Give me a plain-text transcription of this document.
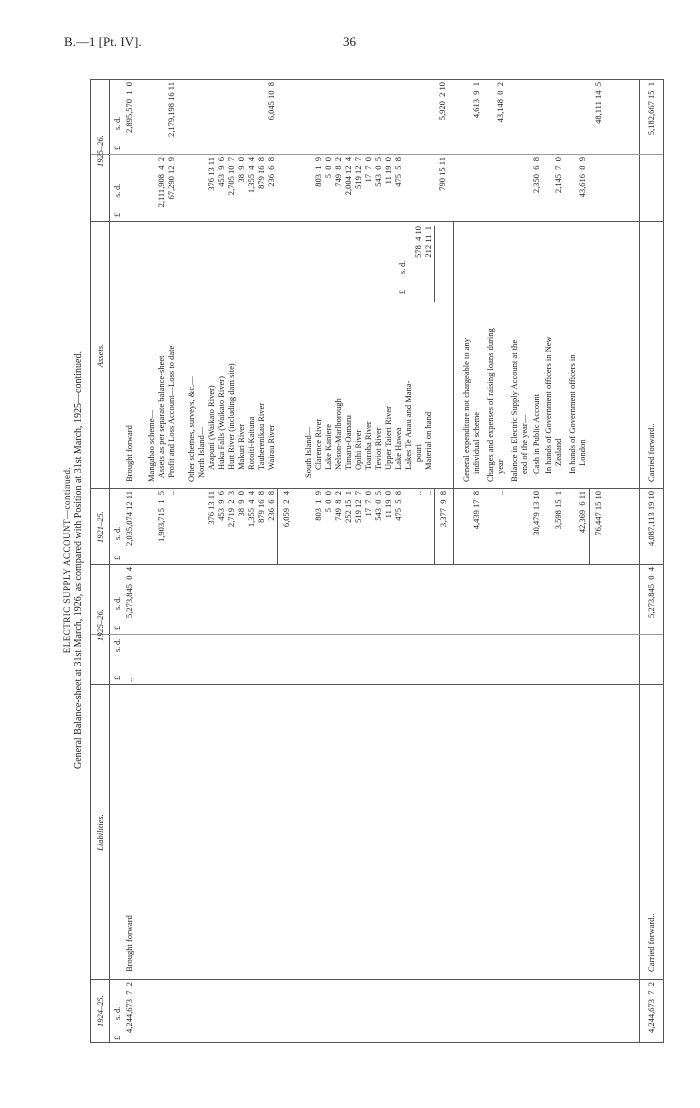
B.—1 [Pt. IV].	36
ELECTRIC SUPPLY ACCOUNT—continued. General Balance-sheet at 31st March, 1926, as compared with Position at 31st March, 1925—continued.
1924–25.
Liabilities.
1925–26.
1921–25.
Assets.
1925–26.
£        s. d.
£
s. d.
£        s. d.
£        s. d.
£        s. d.
£        s. d.
4,244,673  7  2
Brought forward
..
5,273,845  0  4
4,244,673  7  2
Carried forward..
5,273,845  0  4
2,035,074 12 11
Brought forward
2,895,570  1  0
Mangahao scheme— Assets as per separate balance-sheet
1,903,715  1  5
2,111,908  4  2
Profit and Loss Account—Loss to date
..
67,290 12  9
2,179,198 16 11
Other schemes, surveys, &c.— North Island— Arapuni (Waikato River)
376 13 11
376 13 11
Huka Falls (Waikato River)
453  9  6
453  9  6
Hutt River (including dam site)
2,719  2  3
2,705 10  7
Makuri River
38  9  0
38  9  0
Rotoiti-Kaituna
1,355  4  4
1,355  4  4
Tauherenikau River
879 16  8
879 16  8
Wairau River
236  6  8
236  6  8
6,045 10  8
6,059  2  4
South Island— Clarence River
803  1  9
803  1  9
Lake Kaniere
5  0  0
5  0  0
Nelson-Marlborough
749  8  2
749  8  2
Timaru-Oamaru
252 15  1
2,004 12  4
Opihi River
519 12  7
519 12  7
Toaroha River
17  7  0
17  7  0
Teviot River
543  0  5
543  0  5
Upper Taieri River
11 19  0
11 19  0
Lake Hawea
475  5  8
475  5  8
Lakes Te Anau and Mana-
£        s. d.
pouri
578  4 10
..
Material on hand
212 11  1
..
790 15 11
5,920  2 10
3,377  9  8
General expenditure not chargeable to any individual scheme
4,439 17  8
4,613  9  1
Charges and expenses of raising loans during year
..
43,148  0  2
Balance in Electric Supply Account at the end of the year— Cash in Public Account
30,479 13 10
2,350  6  8
In hands of Government officers in New Zealand
3,598 15  1
2,145  7  0
In hands of Government officers in London
42,369  6 11
43,616  0  9
76,447 15 10
48,111 14  5
4,087,113 19 10
Carried forward..
5,182,667 15  1
